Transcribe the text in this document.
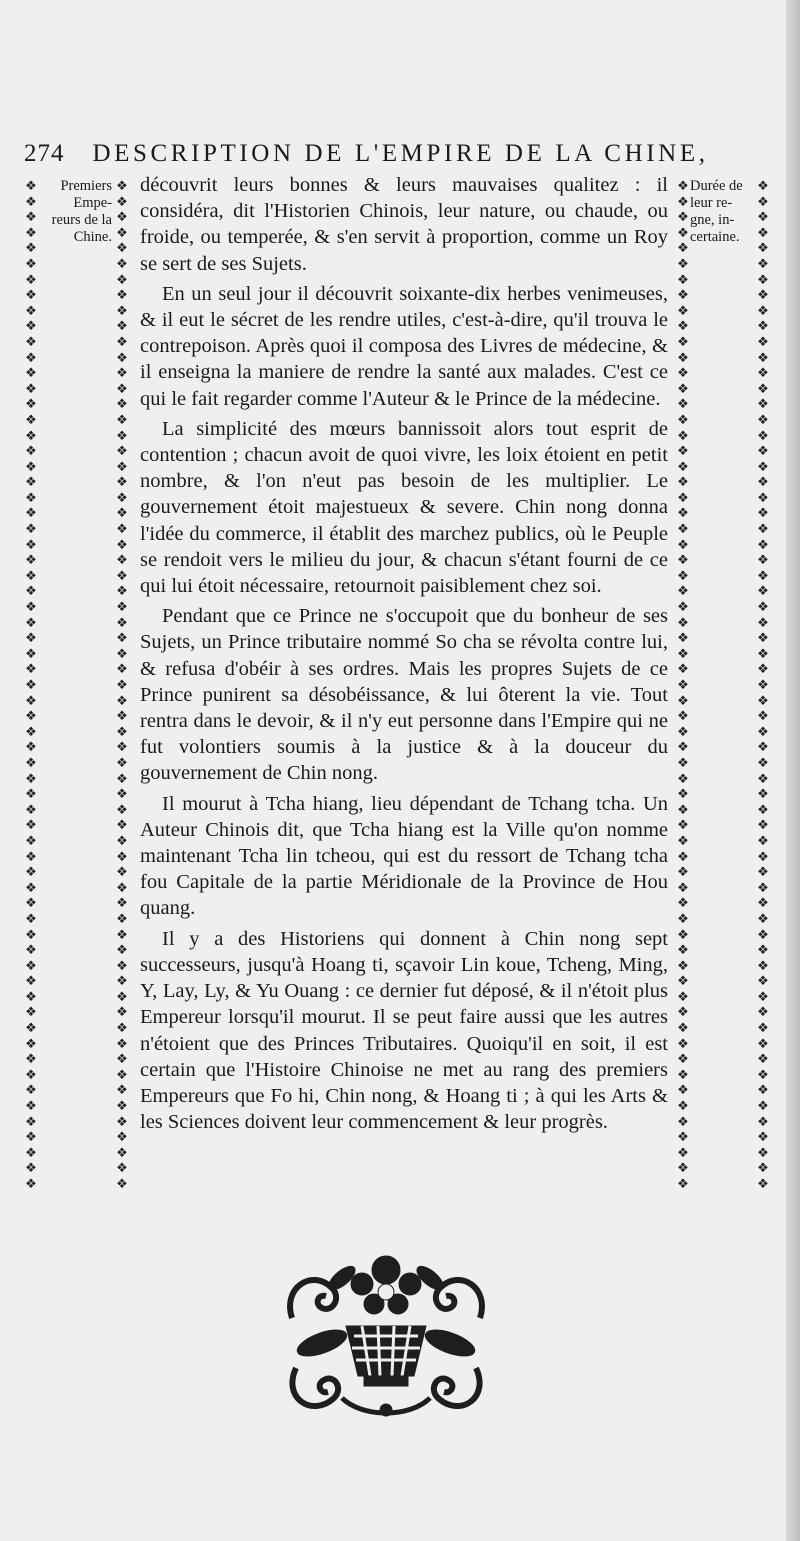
274 DESCRIPTION DE L'EMPIRE DE LA CHINE,
❖
❖
❖
❖
❖
❖
❖
❖
❖
❖
❖
❖
❖
❖
❖
❖
❖
❖
❖
❖
❖
❖
❖
❖
❖
❖
❖
❖
❖
❖
❖
❖
❖
❖
❖
❖
❖
❖
❖
❖
❖
❖
❖
❖
❖
❖
❖
❖
❖
❖
❖
❖
❖
❖
❖
❖
❖
❖
❖
❖
❖
❖
❖
❖
❖
❖
❖
❖
❖
❖
❖
❖
❖
❖
❖
❖
❖
❖
❖
❖
❖
❖
❖
❖
❖
❖
❖
❖
❖
❖
❖
❖
❖
❖
❖
❖
❖
❖
❖
❖
❖
❖
❖
❖
❖
❖
❖
❖
❖
❖
❖
❖
❖
❖
❖
❖
❖
❖
❖
❖
❖
❖
❖
❖
❖
❖
❖
❖
❖
❖
❖
❖
❖
❖
❖
❖
❖
❖
❖
❖
❖
❖
❖
❖
❖
❖
❖
❖
❖
❖
❖
❖
❖
❖
❖
❖
❖
❖
❖
❖
❖
❖
❖
❖
❖
❖
❖
❖
❖
❖
❖
❖
❖
❖
❖
❖
❖
❖
❖
❖
❖
❖
❖
❖
❖
❖
❖
❖
❖
❖
❖
❖
❖
❖
❖
❖
❖
❖
❖
❖
❖
❖
❖
❖
❖
❖
❖
❖
❖
❖
❖
❖
❖
❖
❖
❖
❖
❖
❖
❖
❖
❖
❖
❖
❖
❖
❖
❖
❖
❖
❖
❖
❖
❖
❖
❖
❖
❖
❖
❖
❖
❖
❖
❖
❖
❖
❖
❖
❖
❖
❖
❖
❖
❖
❖
❖
❖
❖
❖
❖
Premiers
Empe-
reurs de la
Chine.
Durée de
leur re-
gne, in-
certaine.

découvrit leurs bonnes & leurs mauvaises qualitez : il considéra, dit l'Historien Chinois, leur nature, ou chaude, ou froide, ou temperée, & s'en servit à proportion, comme un Roy se sert de ses Sujets.

En un seul jour il découvrit soixante-dix herbes venimeuses, & il eut le sécret de les rendre utiles, c'est-à-dire, qu'il trouva le contrepoison. Après quoi il composa des Livres de médecine, & il enseigna la maniere de rendre la santé aux malades. C'est ce qui le fait regarder comme l'Auteur & le Prince de la médecine.

La simplicité des mœurs bannissoit alors tout esprit de contention ; chacun avoit de quoi vivre, les loix étoient en petit nombre, & l'on n'eut pas besoin de les multiplier. Le gouvernement étoit majestueux & severe. Chin nong donna l'idée du commerce, il établit des marchez publics, où le Peuple se rendoit vers le milieu du jour, & chacun s'étant fourni de ce qui lui étoit nécessaire, retournoit paisiblement chez soi.

Pendant que ce Prince ne s'occupoit que du bonheur de ses Sujets, un Prince tributaire nommé So cha se révolta contre lui, & refusa d'obéir à ses ordres. Mais les propres Sujets de ce Prince punirent sa désobéissance, & lui ôterent la vie. Tout rentra dans le devoir, & il n'y eut personne dans l'Empire qui ne fut volontiers soumis à la justice & à la douceur du gouvernement de Chin nong.

Il mourut à Tcha hiang, lieu dépendant de Tchang tcha. Un Auteur Chinois dit, que Tcha hiang est la Ville qu'on nomme maintenant Tcha lin tcheou, qui est du ressort de Tchang tcha fou Capitale de la partie Méridionale de la Province de Hou quang.

Il y a des Historiens qui donnent à Chin nong sept successeurs, jusqu'à Hoang ti, sçavoir Lin koue, Tcheng, Ming, Y, Lay, Ly, & Yu Ouang : ce dernier fut déposé, & il n'étoit plus Empereur lorsqu'il mourut. Il se peut faire aussi que les autres n'étoient que des Princes Tributaires. Quoiqu'il en soit, il est certain que l'Histoire Chinoise ne met au rang des premiers Empereurs que Fo hi, Chin nong, & Hoang ti ; à qui les Arts & les Sciences doivent leur commencement & leur progrès.
